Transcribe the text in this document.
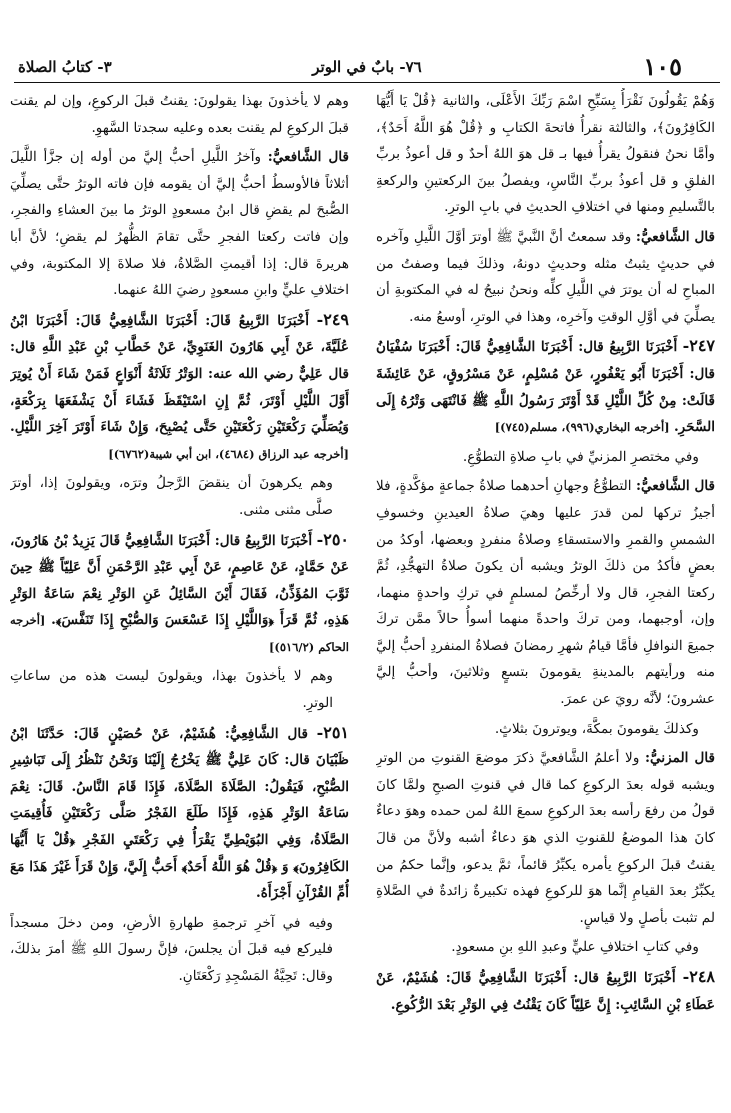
١٠٥
٧٦- بابٌ في الوتر
٣- كتابُ الصلاة

وَهُمْ يَقُولُونَ نَقْرَأُ بِسَبِّحِ اسْمَ رَبِّكَ الأَعْلَى، والثانية ﴿قُلْ يَا أَيُّهَا الكَافِرُونَ﴾، والثالثة نقرأُ فاتحةَ الكتابِ و ﴿قُلْ هُوَ اللَّهُ أَحَدٌ﴾، وأمَّا نحنُ فنقولُ يقرأُ فيها بـ قل هوَ اللهُ أحدٌ و قل أعوذُ بربِّ الفلقِ و قل أعوذُ بربِّ النَّاسِ، ويفصلُ بينَ الركعتينِ والركعةِ بالتَّسليمِ ومنها في اختلافِ الحديثِ في بابِ الوترِ.

قال الشَّافعيُّ: وقد سمعتُ أنَّ النَّبيَّ ﷺ أوترَ أوَّلَ اللَّيلِ وآخره في حديثٍ يثبتُ مثله وحديثٍ دونهُ، وذلكَ فيما وصفتُ من المباحِ له أن يوترَ في اللَّيلِ كلِّه ونحنُ نبيحُ له في المكتوبةِ أن يصلِّيَ في أوَّلِ الوقتِ وآخرِه، وهذا في الوترِ، أوسعُ منه.

٢٤٧- أَخْبَرَنَا الرَّبِيعُ قال: أَخْبَرَنَا الشَّافِعِيُّ قَالَ: أَخْبَرَنَا سُفْيَانُ قال: أَخْبَرَنَا أَبُو يَعْفُورٍ، عَنْ مُسْلِمٍ، عَنْ مَسْرُوقٍ، عَنْ عَائِشَةَ قَالَتْ: مِنْ كُلِّ اللَّيْلِ قَدْ أَوْتَرَ رَسُولُ اللَّهِ ﷺ فَانْتَهَى وَتْرُهُ إِلَى السَّحَرِ. [أخرجه البخاري(٩٩٦)، مسلم(٧٤٥)]

وفي مختصرِ المزنيِّ في بابِ صلاةِ التطوُّعِ.

قال الشَّافعيُّ: التطوُّعُ وجهانِ أحدهما صلاةُ جماعةٍ مؤكَّدةٍ، فلا أجيزُ تركها لمن قدرَ عليها وهيَ صلاةُ العيدينِ وخسوفِ الشمسِ والقمرِ والاستسقاءِ وصلاةُ منفردٍ وبعضها، أوكدُ من بعضٍ فأكدُ من ذلكَ الوترُ ويشبه أن يكونَ صلاةُ التهجُّدِ، ثُمَّ ركعتا الفجرِ، قال ولا أرخِّصُ لمسلمٍ في تركِ واحدةٍ منهما، وإن، أوجبهما، ومن تركَ واحدةً منهما أسوأُ حالاً ممَّن تركَ جميعَ النوافلِ فأمَّا قيامُ شهرِ رمضانَ فصلاةُ المنفردِ أحبُّ إليَّ منه ورأيتهم بالمدينةِ يقومونَ بتسعٍ وثلاثينَ، وأحبُّ إليَّ عشرونَ؛ لأنَّه رويَ عن عمرَ.

وكذلكَ يقومونَ بمكَّةَ، ويوترونَ بثلاثٍ.

قال المزنيُّ: ولا أعلمُ الشَّافعيَّ ذكرَ موضعَ القنوتِ من الوترِ ويشبه قوله بعدَ الركوعِ كما قال في قنوتِ الصبحِ ولمَّا كانَ قولُ من رفعَ رأسه بعدَ الركوعِ سمعَ اللهُ لمن حمده وهوَ دعاءٌ كانَ هذا الموضعُ للقنوتِ الذي هوَ دعاءٌ أشبه ولأنَّ من قالَ يقنتُ قبلَ الركوعِ يأمره يكبِّرُ قائماً، ثمَّ يدعو، وإنَّما حكمُ من يكبِّرُ بعدَ القيامِ إنَّما هوَ للركوعِ فهذه تكبيرةٌ زائدةٌ في الصَّلاةِ لم تثبت بأصلٍ ولا قياسٍ.

وفي كتابِ اختلافِ عليٍّ وعبدِ اللهِ بنِ مسعودٍ.

٢٤٨- أَخْبَرَنَا الرَّبِيعُ قال: أَخْبَرَنَا الشَّافِعِيُّ قَالَ: هُشَيْمٌ، عَنْ عَطَاءِ بْنِ السَّائِبِ: إِنَّ عَلِيّاً كَانَ يَقْنُتُ فِي الوَتْرِ بَعْدَ الرُّكُوعِ.

وهم لا يأخذونَ بهذا يقولونَ: يقنتُ قبلَ الركوعِ، وإن لم يقنت قبلَ الركوعِ لم يقنت بعده وعليه سجدتا السَّهوِ.

قال الشَّافعيُّ: وآخرُ اللَّيلِ أحبُّ إليَّ من أوله إن جزَّأ اللَّيلَ أثلاثاً فالأوسطُ أحبُّ إليَّ أن يقومه فإن فاته الوترُ حتَّى يصلِّيَ الصُّبحَ لم يقضِ قال ابنُ مسعودٍ الوترُ ما بينَ العشاءِ والفجرِ، وإن فاتت ركعتا الفجرِ حتَّى تقامَ الظُّهرُ لم يقضِ؛ لأنَّ أبا هريرةَ قال: إذا أقيمتِ الصَّلاةُ، فلا صلاةَ إلا المكتوبة، وفي اختلافِ عليٍّ وابنِ مسعودٍ رضيَ اللهُ عنهما.

٢٤٩- أَخْبَرَنَا الرَّبِيعُ قَالَ: أَخْبَرَنَا الشَّافِعِيُّ قَالَ: أَخْبَرَنَا ابْنُ عُلَيَّةَ، عَنْ أَبِي هَارُونَ الغَنَوِيِّ، عَنْ خَطَّابِ بْنِ عَبْدِ اللَّهِ قال: قال عَلِيٌّ رضي الله عنه: الوَتْرُ ثَلَاثَةُ أَنْوَاعٍ فَمَنْ شَاءَ أَنْ يُوتِرَ أَوَّلَ اللَّيْلِ أَوْتَرَ، ثُمَّ إِنِ اسْتَيْقَظَ فَشَاءَ أَنْ يَشْفَعَهَا بِرَكْعَةٍ، وَيُصَلِّيَ رَكْعَتَيْنِ رَكْعَتَيْنِ حَتَّى يُصْبِحَ، وَإِنْ شَاءَ أَوْتَرَ آخِرَ اللَّيْلِ. [أخرجه عبد الرزاق (٤٦٨٤)، ابن أبي شيبة(٦٧٦٢)]

وهم يكرهونَ أن ينقضَ الرَّجلُ وترَه، ويقولونَ إذا، أوترَ صلَّى مثنى مثنى.

٢٥٠- أَخْبَرَنَا الرَّبِيعُ قال: أَخْبَرَنَا الشَّافِعِيُّ قَالَ يَزِيدُ بْنُ هَارُونَ، عَنْ حَمَّادٍ، عَنْ عَاصِمٍ، عَنْ أَبِي عَبْدِ الرَّحْمَنِ أَنَّ عَلِيّاً ﷺ حِينَ ثَوَّبَ المُؤَذِّنُ، فَقَالَ أَيْنَ السَّائِلُ عَنِ الوَتْرِ نِعْمَ سَاعَةُ الوَتْرِ هَذِهِ، ثُمَّ قَرَأَ ﴿وَاللَّيْلِ إِذَا عَسْعَسَ وَالصُّبْحِ إِذَا تَنَفَّسَ﴾. [أخرجه الحاكم (٥١٦/٢)]

وهم لا يأخذونَ بهذا، ويقولونَ ليست هذه من ساعاتِ الوترِ.

٢٥١- قال الشَّافِعِيُّ: هُشَيْمٌ، عَنْ حُصَيْنٍ قَالَ: حَدَّثَنَا ابْنُ ظَبْيَانَ قال: كَانَ عَلِيٌّ ﷺ يَخْرُجُ إِلَيْنَا وَنَحْنُ نَنْظُرُ إِلَى تَبَاشِيرِ الصُّبْحِ، فَيَقُولُ: الصَّلَاةَ الصَّلَاةَ، فَإِذَا قَامَ النَّاسُ. قَالَ: نِعْمَ سَاعَةُ الوَتْرِ هَذِهِ، فَإِذَا طَلَعَ الفَجْرُ صَلَّى رَكْعَتَيْنِ فَأُقِيمَتِ الصَّلَاةُ، وَفِي البُوَيْطِيِّ يَقْرَأُ فِي رَكْعَتَيِ الفَجْرِ ﴿قُلْ يَا أَيُّهَا الكَافِرُونَ﴾ وَ ﴿قُلْ هُوَ اللَّهُ أَحَدٌ﴾ أَحَبُّ إِلَيَّ، وَإِنْ قَرَأَ غَيْرَ هَذَا مَعَ أُمِّ القُرْآنِ أَجْزَأَهُ.

وفيه في آخرِ ترجمةِ طهارةِ الأرضِ، ومن دخلَ مسجداً فليركع فيه قبلَ أن يجلسَ، فإنَّ رسولَ اللهِ ﷺ أمرَ بذلكَ، وقال: تَحِيَّةُ المَسْجِدِ رَكْعَتَانِ.
